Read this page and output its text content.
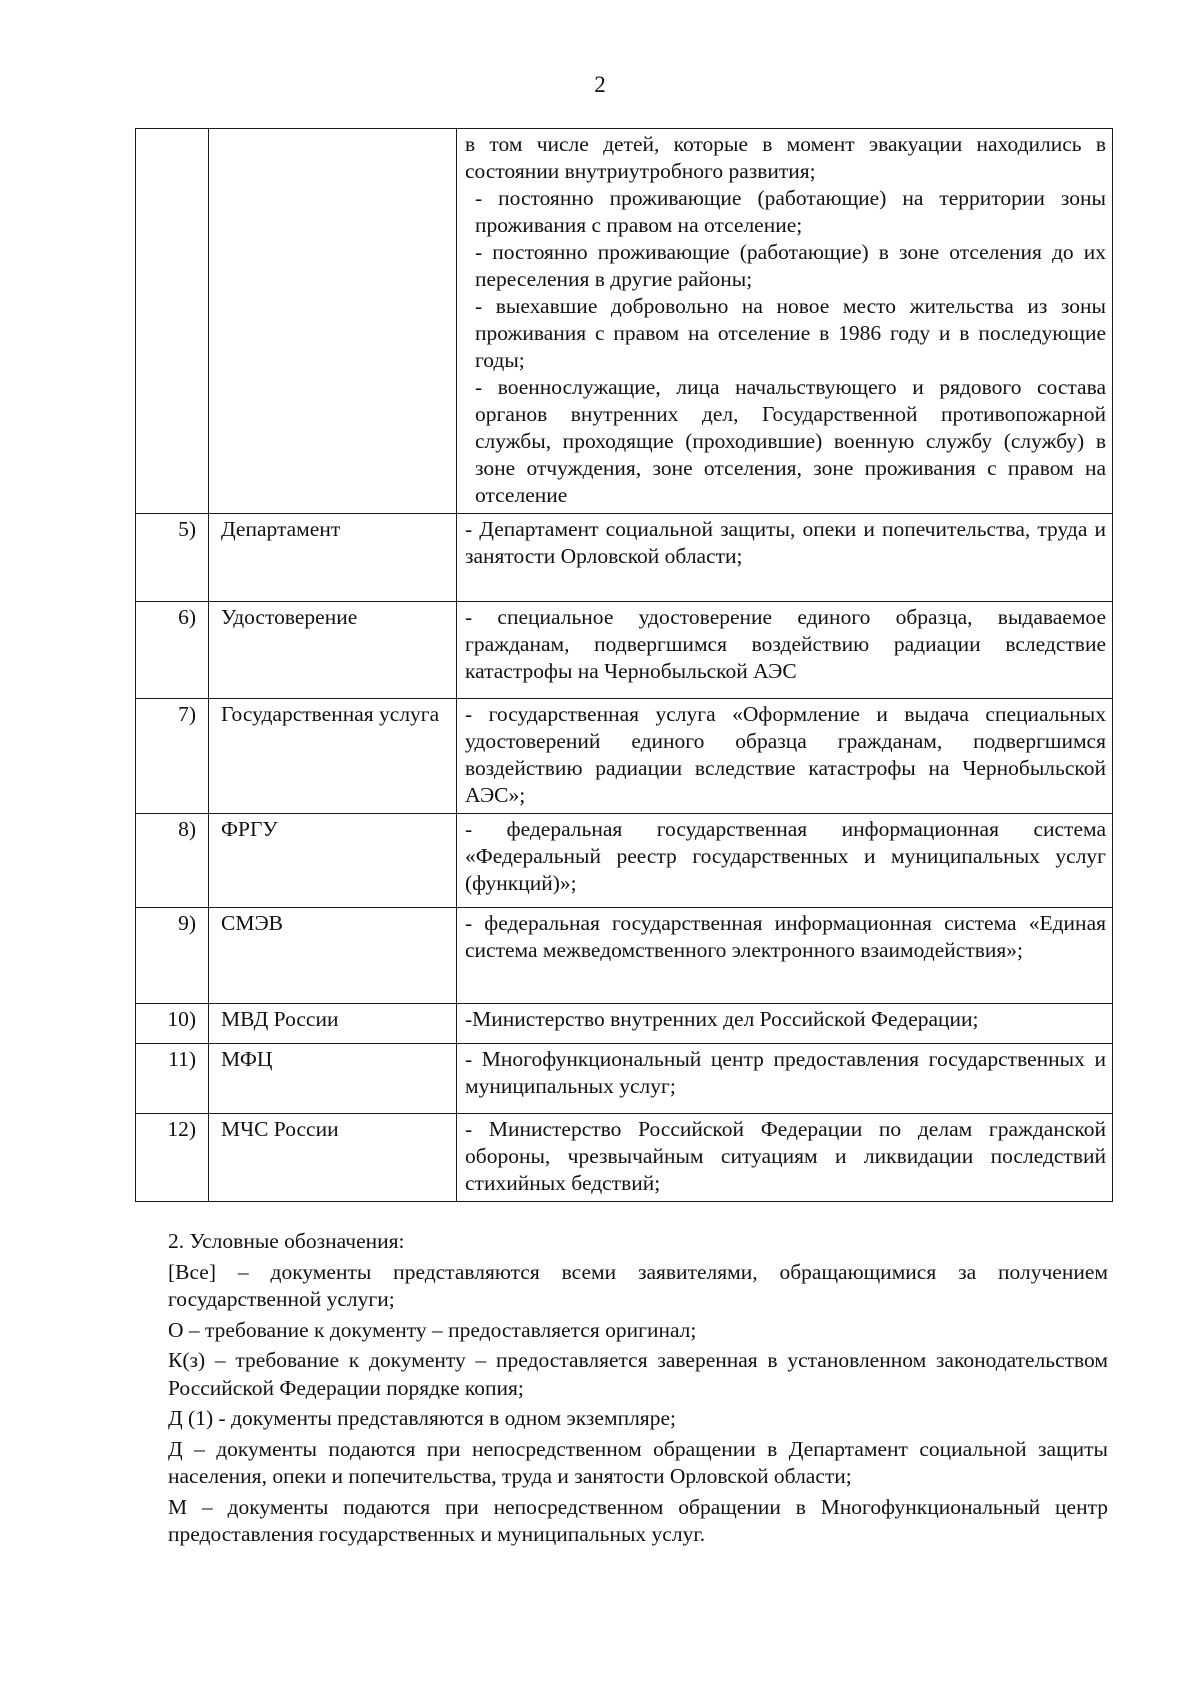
2

		в том числе детей, которые в момент эвакуации находились в состоянии внутриутробного развития;

- постоянно проживающие (работающие) на территории зоны проживания с правом на отселение;

- постоянно проживающие (работающие) в зоне отселения до их переселения в другие районы;

- выехавшие добровольно на новое место жительства из зоны проживания с правом на отселение в 1986 году и в последующие годы;

- военнослужащие, лица начальствующего и рядового состава органов внутренних дел, Государственной противопожарной службы, проходящие (проходившие) военную службу (службу) в зоне отчуждения, зоне отселения, зоне проживания с правом на отселение

5)	Департамент	- Департамент социальной защиты, опеки и попечительства, труда и занятости Орловской области;
6)	Удостоверение	- специальное удостоверение единого образца, выдаваемое гражданам, подвергшимся воздействию радиации вследствие катастрофы на Чернобыльской АЭС
7)	Государственная услуга	- государственная услуга «Оформление и выдача специальных удостоверений единого образца гражданам, подвергшимся воздействию радиации вследствие катастрофы на Чернобыльской АЭС»;
8)	ФРГУ	- федеральная государственная информационная система «Федеральный реестр государственных и муниципальных услуг (функций)»;
9)	СМЭВ	- федеральная государственная информационная система «Единая система межведомственного электронного взаимодействия»;
10)	МВД России	-Министерство внутренних дел Российской Федерации;
11)	МФЦ	- Многофункциональный центр предоставления государственных и муниципальных услуг;
12)	МЧС России	- Министерство Российской Федерации по делам гражданской обороны, чрезвычайным ситуациям и ликвидации последствий стихийных бедствий;

2. Условные обозначения:

[Все] – документы представляются всеми заявителями, обращающимися за получением государственной услуги;

О – требование к документу – предоставляется оригинал;

К(з) – требование к документу – предоставляется заверенная в установленном законодательством Российской Федерации порядке копия;

Д (1) - документы представляются в одном экземпляре;

Д – документы подаются при непосредственном обращении в Департамент социальной защиты населения, опеки и попечительства, труда и занятости Орловской области;

М – документы подаются при непосредственном обращении в Многофункциональный центр предоставления государственных и муниципальных услуг.
